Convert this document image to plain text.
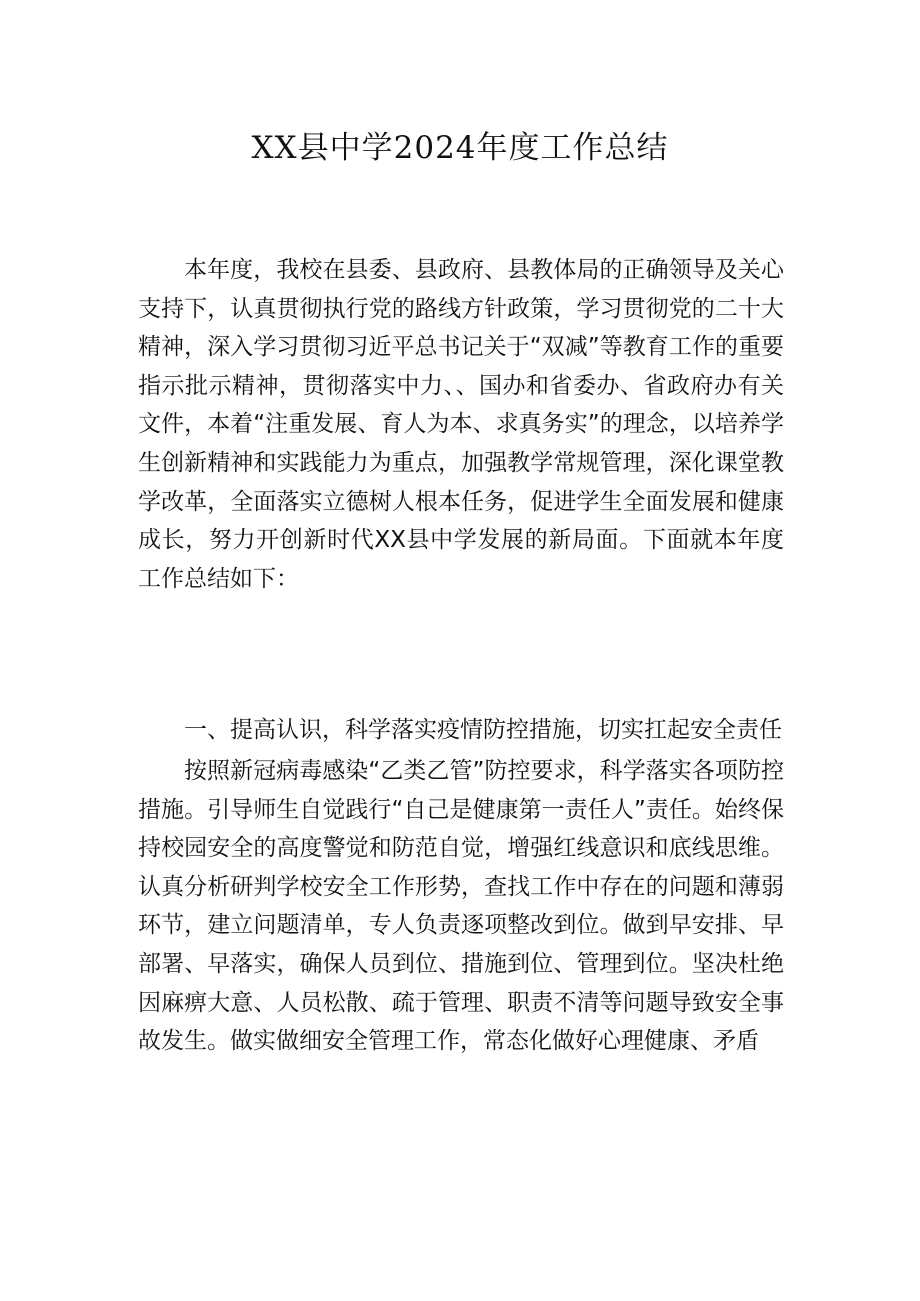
XX县中学2024年度工作总结

本年度，我校在县委、县政府、县教体局的正确领导及关心支持下，认真贯彻执行党的路线方针政策，学习贯彻党的二十大精神，深入学习贯彻习近平总书记关于“双减”等教育工作的重要指示批示精神，贯彻落实中力、、国办和省委办、省政府办有关文件，本着“注重发展、育人为本、求真务实”的理念，以培养学生创新精神和实践能力为重点，加强教学常规管理，深化课堂教学改革，全面落实立德树人根本任务，促进学生全面发展和健康成长，努力开创新时代XX县中学发展的新局面。下面就本年度工作总结如下：

一、提高认识，科学落实疫情防控措施，切实扛起安全责任

按照新冠病毒感染“乙类乙管”防控要求，科学落实各项防控措施。引导师生自觉践行“自己是健康第一责任人”责任。始终保持校园安全的高度警觉和防范自觉，增强红线意识和底线思维。认真分析研判学校安全工作形势，查找工作中存在的问题和薄弱环节，建立问题清单，专人负责逐项整改到位。做到早安排、早部署、早落实，确保人员到位、措施到位、管理到位。坚决杜绝因麻痹大意、人员松散、疏于管理、职责不清等问题导致安全事故发生。做实做细安全管理工作，常态化做好心理健康、矛盾
